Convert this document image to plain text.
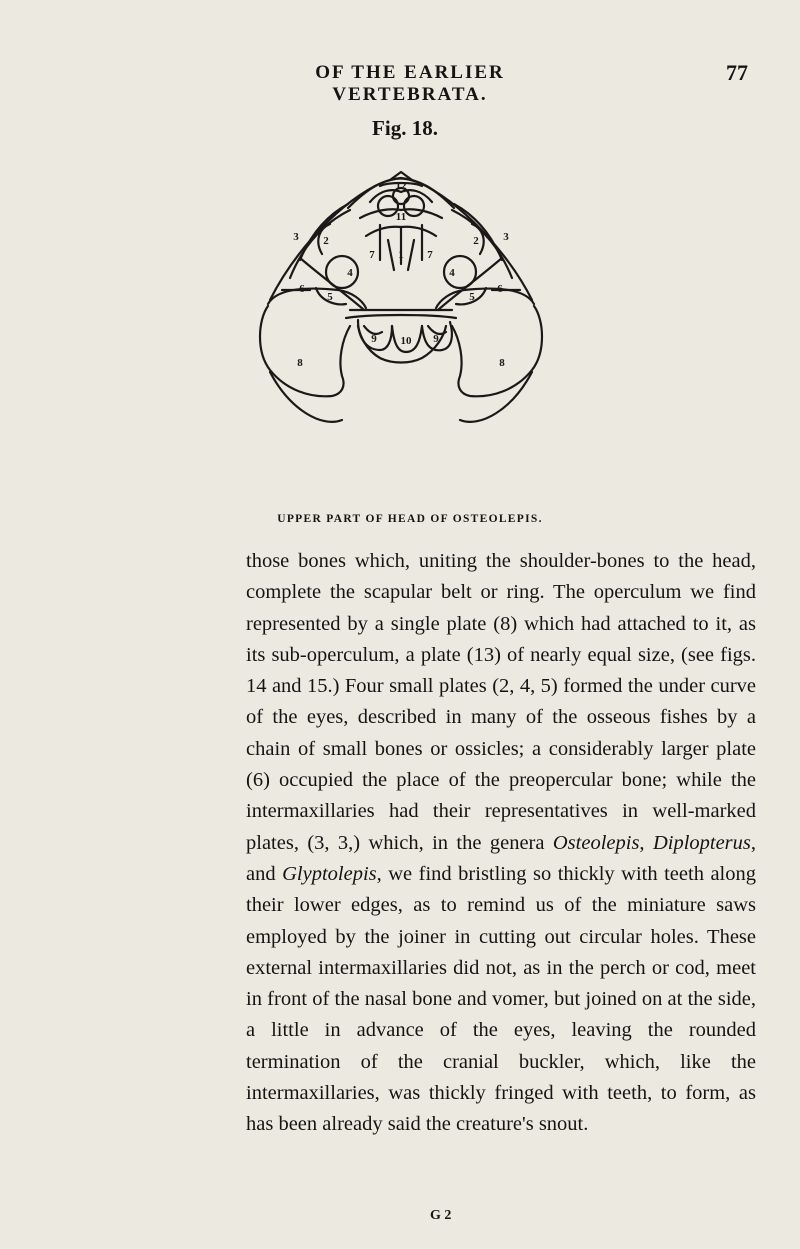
OF THE EARLIER VERTEBRATA.
77
Fig. 18.
1
2	2
3	3
4	4
5	5
6	6
7	7
8	8
9	9
10
11
12
UPPER PART OF HEAD OF OSTEOLEPIS.

those bones which, uniting the shoulder-bones to the head, complete the scapular belt or ring. The operculum we find represented by a single plate (8) which had attached to it, as its sub-operculum, a plate (13) of nearly equal size, (see figs. 14 and 15.) Four small plates (2, 4, 5) formed the under curve of the eyes, described in many of the osseous fishes by a chain of small bones or ossicles; a considerably larger plate (6) occupied the place of the preopercular bone; while the intermaxillaries had their representatives in well-marked plates, (3, 3,) which, in the genera Osteolepis, Diplopterus, and Glyptolepis, we find bristling so thickly with teeth along their lower edges, as to remind us of the miniature saws employed by the joiner in cutting out circular holes. These external intermaxillaries did not, as in the perch or cod, meet in front of the nasal bone and vomer, but joined on at the side, a little in advance of the eyes, leaving the rounded termination of the cranial buckler, which, like the intermaxillaries, was thickly fringed with teeth, to form, as has been already said the creature's snout.

G 2
